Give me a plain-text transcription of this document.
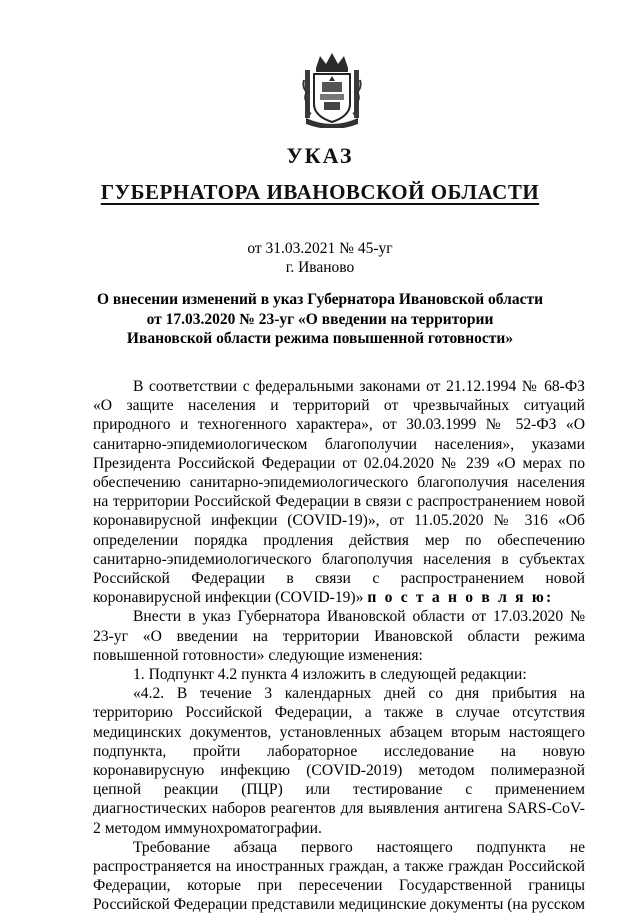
УКАЗ
ГУБЕРНАТОРА ИВАНОВСКОЙ ОБЛАСТИ
от 31.03.2021 № 45-уг
г. Иваново
О внесении изменений в указ Губернатора Ивановской области
от 17.03.2020 № 23-уг «О введении на территории
Ивановской области режима повышенной готовности»

В соответствии с федеральными законами от 21.12.1994 № 68-ФЗ «О защите населения и территорий от чрезвычайных ситуаций природного и техногенного характера», от 30.03.1999 № 52-ФЗ «О санитарно-эпидемиологическом благополучии населения», указами Президента Российской Федерации от 02.04.2020 № 239 «О мерах по обеспечению санитарно-эпидемиологического благополучия населения на территории Российской Федерации в связи с распространением новой коронавирусной инфекции (COVID-19)», от 11.05.2020 № 316 «Об определении порядка продления действия мер по обеспечению санитарно-эпидемиологического благополучия населения в субъектах Российской Федерации в связи с распространением новой коронавирусной инфекции (COVID-19)» п о с т а н о в л я ю:

Внести в указ Губернатора Ивановской области от 17.03.2020 № 23-уг «О введении на территории Ивановской области режима повышенной готовности» следующие изменения:

1. Подпункт 4.2 пункта 4 изложить в следующей редакции:

«4.2. В течение 3 календарных дней со дня прибытия на территорию Российской Федерации, а также в случае отсутствия медицинских документов, установленных абзацем вторым настоящего подпункта, пройти лабораторное исследование на новую коронавирусную инфекцию (COVID-2019) методом полимеразной цепной реакции (ПЦР) или тестирование с применением диагностических наборов реагентов для выявления антигена SARS-CoV-2 методом иммунохроматографии.

Требование абзаца первого настоящего подпункта не распространяется на иностранных граждан, а также граждан Российской Федерации, которые при пересечении Государственной границы Российской Федерации представили медицинские документы (на русском
